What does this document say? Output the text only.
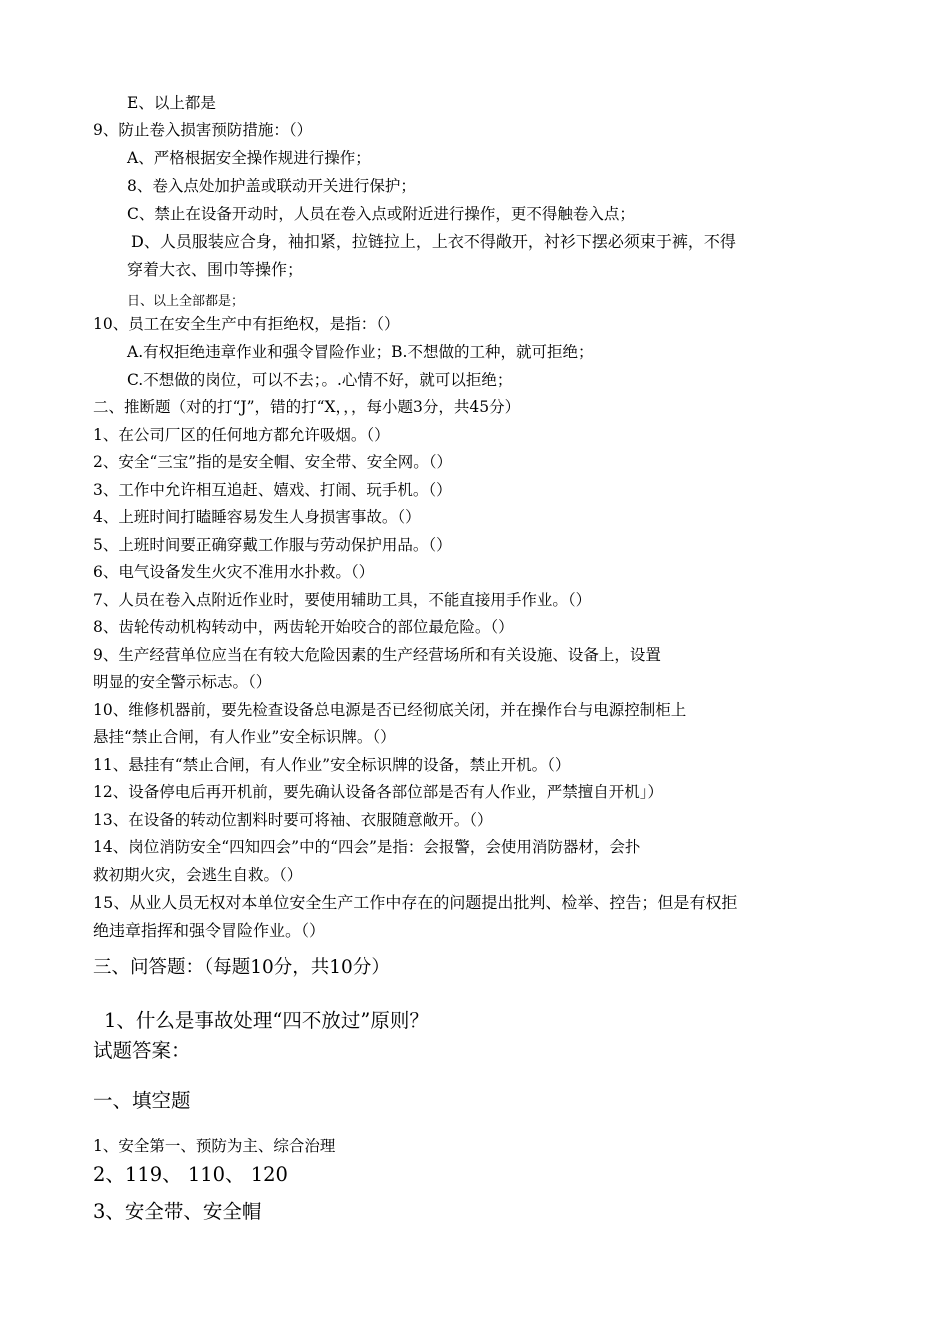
E、以上都是
9、防止卷入损害预防措施：（）
A、严格根据安全操作规进行操作；
8、卷入点处加护盖或联动开关进行保护；
C、禁止在设备开动时，人员在卷入点或附近进行操作，更不得触卷入点；
D、人员服装应合身，袖扣紧，拉链拉上，上衣不得敞开，衬衫下摆必须束于裤，不得
穿着大衣、围巾等操作；
日、以上全部都是；
10、员工在安全生产中有拒绝权，是指：（）
A.有权拒绝违章作业和强令冒险作业；B.不想做的工种，就可拒绝；
C.不想做的岗位，可以不去；。.心情不好，就可以拒绝；
二、推断题（对的打“J”，错的打“X，，，每小题3分，共45分）
1、在公司厂区的任何地方都允许吸烟。（）
2、安全“三宝”指的是安全帽、安全带、安全网。（）
3、工作中允许相互追赶、嬉戏、打闹、玩手机。（）
4、上班时间打瞌睡容易发生人身损害事故。（）
5、上班时间要正确穿戴工作服与劳动保护用品。（）
6、电气设备发生火灾不准用水扑救。（）
7、人员在卷入点附近作业时，要使用辅助工具，不能直接用手作业。（）
8、齿轮传动机构转动中，两齿轮开始咬合的部位最危险。（）
9、生产经营单位应当在有较大危险因素的生产经营场所和有关设施、设备上，设置
明显的安全警示标志。（）
10、维修机器前，要先检查设备总电源是否已经彻底关闭，并在操作台与电源控制柜上
悬挂“禁止合闸，有人作业”安全标识牌。（）
11、悬挂有“禁止合闸，有人作业”安全标识牌的设备，禁止开机。（）
12、设备停电后再开机前，要先确认设备各部位部是否有人作业，严禁擅自开机」）
13、在设备的转动位割料时要可将袖、衣服随意敞开。（）
14、岗位消防安全“四知四会”中的“四会”是指：会报警，会使用消防器材，会扑
救初期火灾，会逃生自救。（）
15、从业人员无权对本单位安全生产工作中存在的问题提出批判、检举、控告；但是有权拒
绝违章指挥和强令冒险作业。（）
三、问答题：（每题10分，共10分）
1、什么是事故处理“四不放过”原则？
试题答案：
一、填空题
1、安全第一、预防为主、综合治理
2、119、 110、 120
3、安全带、安全帽
